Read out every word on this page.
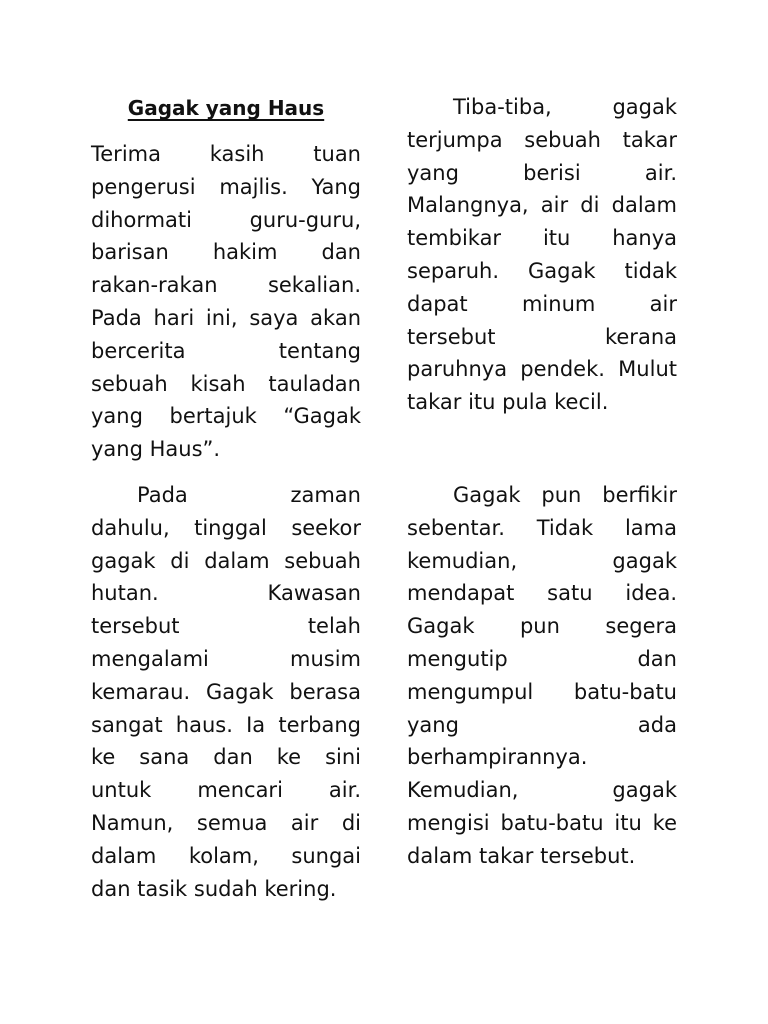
Gagak yang Haus

Terima kasih tuan
pengerusi majlis. Yang
dihormati guru-guru,
barisan hakim dan
rakan-rakan sekalian.
Pada hari ini, saya akan
bercerita tentang
sebuah kisah tauladan
yang bertajuk “Gagak
yang Haus”.

Pada zaman
dahulu, tinggal seekor
gagak di dalam sebuah
hutan. Kawasan
tersebut telah
mengalami musim
kemarau. Gagak berasa
sangat haus. Ia terbang
ke sana dan ke sini
untuk mencari air.
Namun, semua air di
dalam kolam, sungai
dan tasik sudah kering.

Tiba-tiba, gagak
terjumpa sebuah takar
yang berisi air.
Malangnya, air di dalam
tembikar itu hanya
separuh. Gagak tidak
dapat minum air
tersebut kerana
paruhnya pendek. Mulut
takar itu pula kecil.

Gagak pun berfikir
sebentar. Tidak lama
kemudian, gagak
mendapat satu idea.
Gagak pun segera
mengutip dan
mengumpul batu-batu
yang ada
berhampirannya.
Kemudian, gagak
mengisi batu-batu itu ke
dalam takar tersebut.
